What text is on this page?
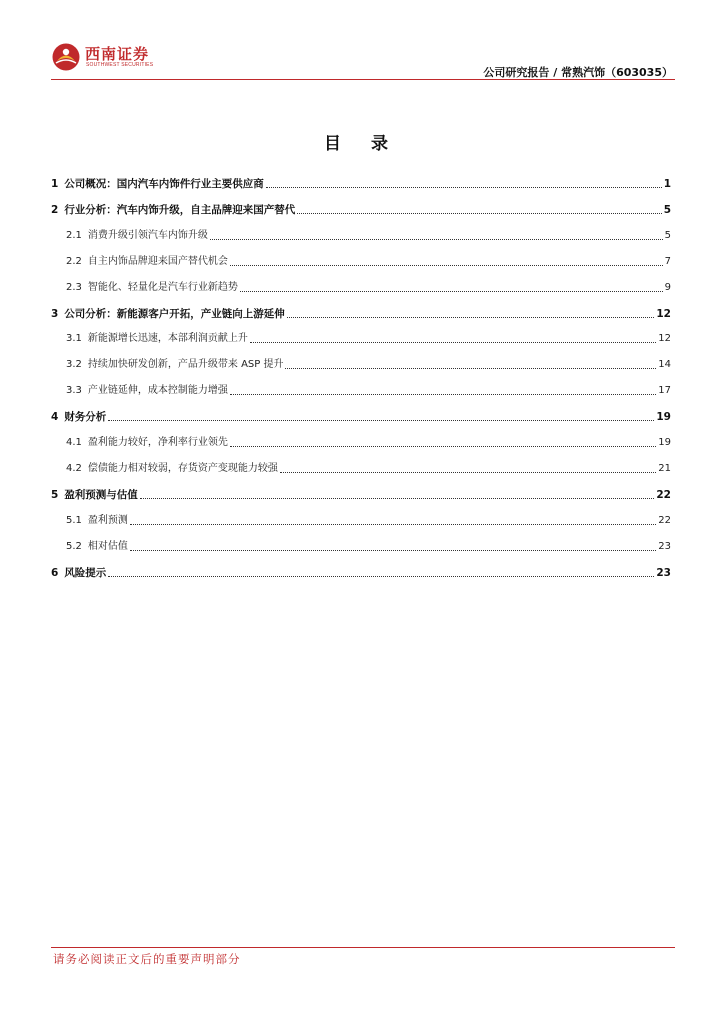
西南证券
SOUTHWEST SECURITIES
公司研究报告 / 常熟汽饰（603035）
目 录
1 公司概况：国内汽车内饰件行业主要供应商	1
2 行业分析：汽车内饰升级，自主品牌迎来国产替代	5
2.1 消费升级引领汽车内饰升级	5
2.2 自主内饰品牌迎来国产替代机会	7
2.3 智能化、轻量化是汽车行业新趋势	9
3 公司分析：新能源客户开拓，产业链向上游延伸	12
3.1 新能源增长迅速，本部利润贡献上升	12
3.2 持续加快研发创新，产品升级带来 ASP 提升	14
3.3 产业链延伸，成本控制能力增强	17
4 财务分析	19
4.1 盈利能力较好，净利率行业领先	19
4.2 偿债能力相对较弱，存货资产变现能力较强	21
5 盈利预测与估值	22
5.1 盈利预测	22
5.2 相对估值	23
6 风险提示	23
请务必阅读正文后的重要声明部分
